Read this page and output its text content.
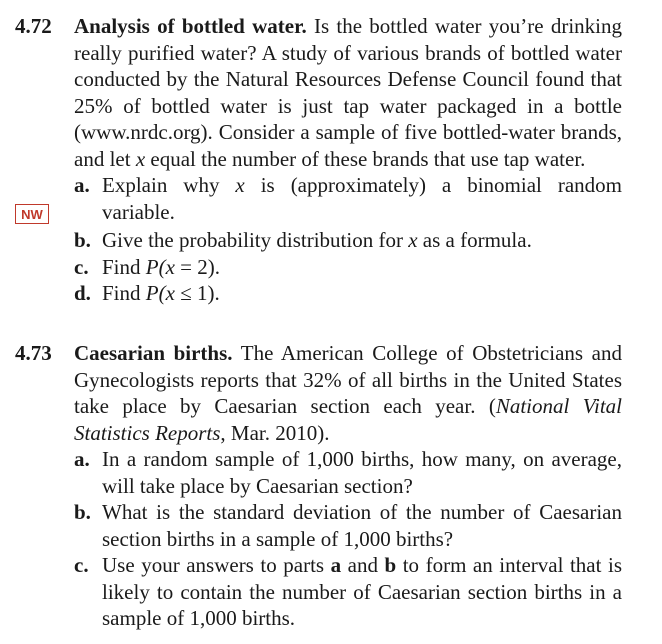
4.72 Analysis of bottled water. Is the bottled water you’re drinking really purified water? A study of various brands of bottled water conducted by the Natural Resources Defense Council found that 25% of bottled water is just tap water packaged in a bottle (www.nrdc.org). Consider a sample of five bottled-water brands, and let x equal the number of these brands that use tap water.
a. Explain why x is (approximately) a binomial random variable.
b. Give the probability distribution for x as a formula.
c. Find P(x = 2).
d. Find P(x ≤ 1).
NW
4.73 Caesarian births. The American College of Obstetricians and Gynecologists reports that 32% of all births in the United States take place by Caesarian section each year. (National Vital Statistics Reports, Mar. 2010).
a. In a random sample of 1,000 births, how many, on average, will take place by Caesarian section?
b. What is the standard deviation of the number of Caesarian section births in a sample of 1,000 births?
c. Use your answers to parts a and b to form an interval that is likely to contain the number of Caesarian section births in a sample of 1,000 births.
